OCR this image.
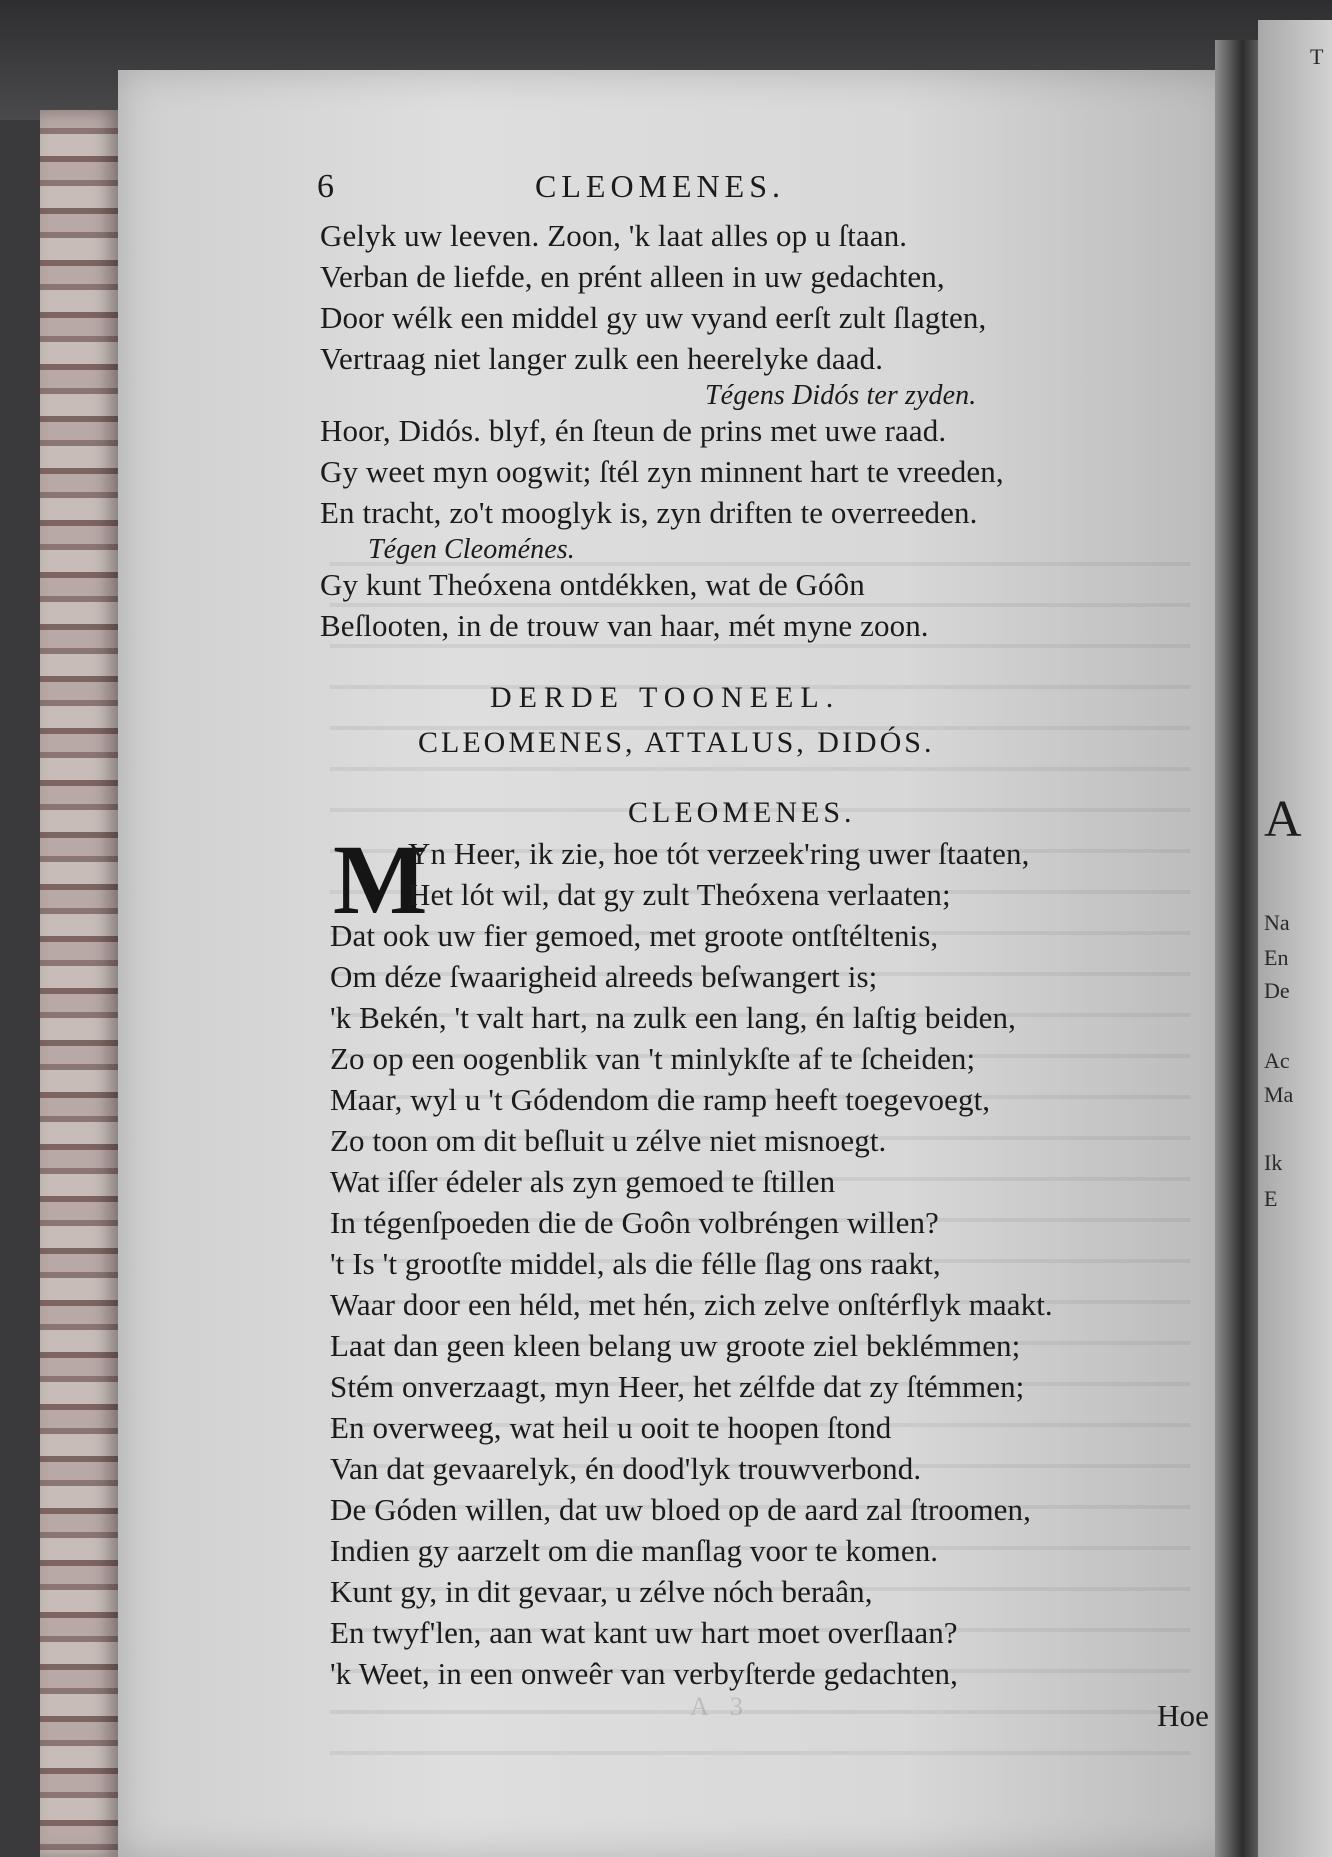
T
A
Na
En
De
Ac
Ma
Ik
E
6	CLEOMENES.
Gelyk uw leeven. Zoon, 'k laat alles op u ſtaan.
Verban de liefde, en prént alleen in uw gedachten,
Door wélk een middel gy uw vyand eerſt zult ſlagten,
Vertraag niet langer zulk een heerelyke daad.
Tégens Didós ter zyden.
Hoor, Didós. blyf, én ſteun de prins met uwe raad.
Gy weet myn oogwit; ſtél zyn minnent hart te vreeden,
En tracht, zo't mooglyk is, zyn driften te overreeden.
Tégen Cleoménes.
Gy kunt Theóxena ontdékken, wat de Góôn
Beſlooten, in de trouw van haar, mét myne zoon.
DERDE TOONEEL.
CLEOMENES, ATTALUS, DIDÓS.
CLEOMENES.
M
Yn Heer, ik zie, hoe tót verzeek'ring uwer ſtaaten,
Het lót wil, dat gy zult Theóxena verlaaten;
Dat ook uw fier gemoed, met groote ontſtéltenis,
Om déze ſwaarigheid alreeds beſwangert is;
'k Bekén, 't valt hart, na zulk een lang, én laſtig beiden,
Zo op een oogenblik van 't minlykſte af te ſcheiden;
Maar, wyl u 't Gódendom die ramp heeft toegevoegt,
Zo toon om dit beſluit u zélve niet misnoegt.
Wat iſſer édeler als zyn gemoed te ſtillen
In tégenſpoeden die de Goôn volbréngen willen?
't Is 't grootſte middel, als die félle ſlag ons raakt,
Waar door een héld, met hén, zich zelve onſtérflyk maakt.
Laat dan geen kleen belang uw groote ziel beklémmen;
Stém onverzaagt, myn Heer, het zélfde dat zy ſtémmen;
En overweeg, wat heil u ooit te hoopen ſtond
Van dat gevaarelyk, én dood'lyk trouwverbond.
De Góden willen, dat uw bloed op de aard zal ſtroomen,
Indien gy aarzelt om die manſlag voor te komen.
Kunt gy, in dit gevaar, u zélve nóch beraân,
En twyf'len, aan wat kant uw hart moet overſlaan?
'k Weet, in een onweêr van verbyſterde gedachten,
Hoe
A 3
